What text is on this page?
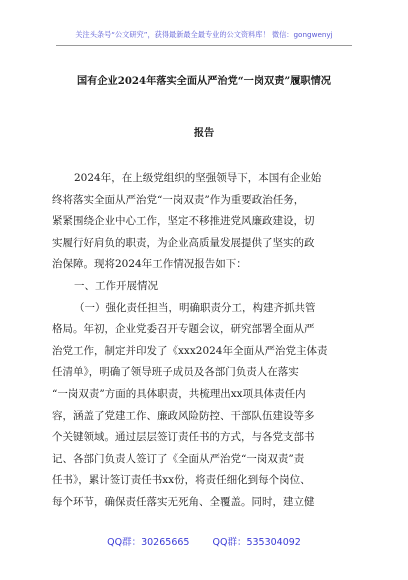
关注头条号“公文研究”，获得最新最全最专业的公文资料库！ 微信：gongwenyj
国有企业2024年落实全面从严治党“一岗双责”履职情况
报告
2024年，在上级党组织的坚强领导下，本国有企业始
终将落实全面从严治党“一岗双责”作为重要政治任务，
紧紧围绕企业中心工作，坚定不移推进党风廉政建设，切
实履行好肩负的职责，为企业高质量发展提供了坚实的政
治保障。现将2024年工作情况报告如下：
一、工作开展情况
（一）强化责任担当，明确职责分工，构建齐抓共管
格局。年初，企业党委召开专题会议，研究部署全面从严
治党工作，制定并印发了《xxx2024年全面从严治党主体责
任清单》，明确了领导班子成员及各部门负责人在落实
“一岗双责”方面的具体职责，共梳理出xx项具体责任内
容，涵盖了党建工作、廉政风险防控、干部队伍建设等多
个关键领域。通过层层签订责任书的方式，与各党支部书
记、各部门负责人签订了《全面从严治党“一岗双责”责
任书》，累计签订责任书xx份，将责任细化到每个岗位、
每个环节，确保责任落实无死角、全覆盖。同时，建立健
QQ群：30265665 QQ群：535304092
